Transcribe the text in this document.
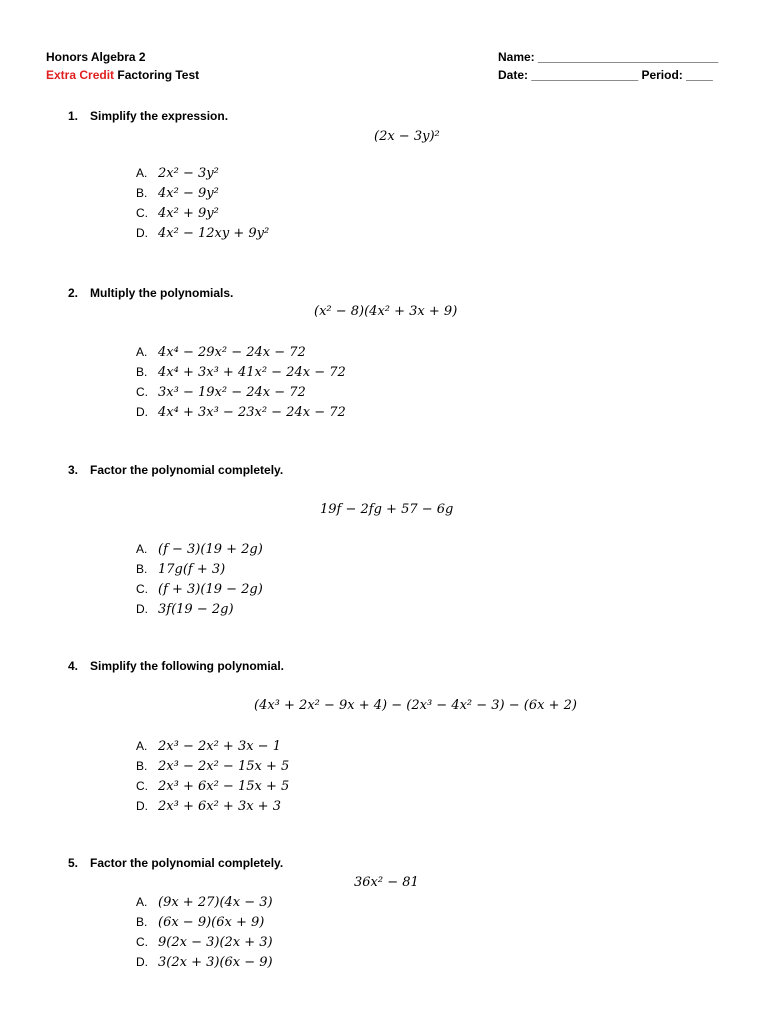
Honors Algebra 2
Extra Credit Factoring Test
Name: ___________________________
Date: ________________ Period: ____
1. Simplify the expression.
(2x − 3y)²
A. 2x² − 3y²
B. 4x² − 9y²
C. 4x² + 9y²
D. 4x² − 12xy + 9y²
2. Multiply the polynomials.
(x² − 8)(4x² + 3x + 9)
A. 4x⁴ − 29x² − 24x − 72
B. 4x⁴ + 3x³ + 41x² − 24x − 72
C. 3x³ − 19x² − 24x − 72
D. 4x⁴ + 3x³ − 23x² − 24x − 72
3. Factor the polynomial completely.
19f − 2fg + 57 − 6g
A. (f − 3)(19 + 2g)
B. 17g(f + 3)
C. (f + 3)(19 − 2g)
D. 3f(19 − 2g)
4. Simplify the following polynomial.
(4x³ + 2x² − 9x + 4) − (2x³ − 4x² − 3) − (6x + 2)
A. 2x³ − 2x² + 3x − 1
B. 2x³ − 2x² − 15x + 5
C. 2x³ + 6x² − 15x + 5
D. 2x³ + 6x² + 3x + 3
5. Factor the polynomial completely.
36x² − 81
A. (9x + 27)(4x − 3)
B. (6x − 9)(6x + 9)
C. 9(2x − 3)(2x + 3)
D. 3(2x + 3)(6x − 9)
